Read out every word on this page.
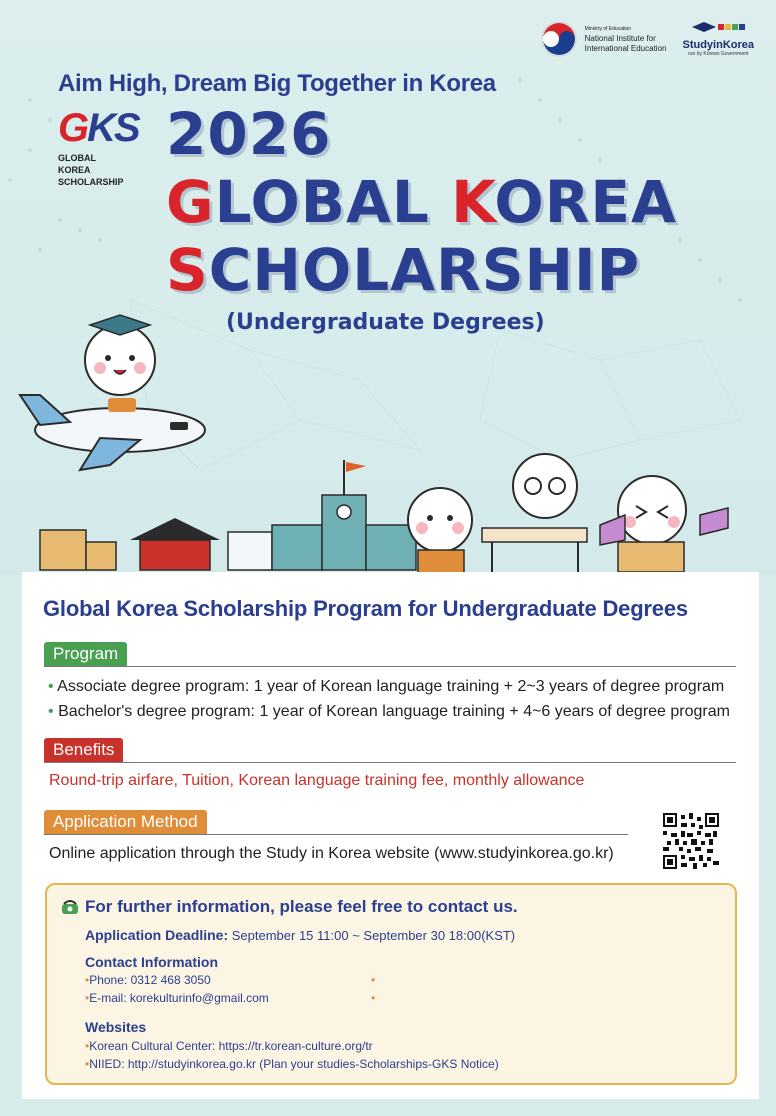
Ministry of Education
National Institute for
International Education StudyinKorea
run by Korean Government
Aim High, Dream Big Together in Korea
GKS
GLOBAL
KOREA
SCHOLARSHIP
2026
GLOBAL KOREA
SCHOLARSHIP
(Undergraduate Degrees)
Global Korea Scholarship Program for Undergraduate Degrees
Program
• Associate degree program: 1 year of Korean language training + 2~3 years of degree program
• Bachelor's degree program: 1 year of Korean language training + 4~6 years of degree program
Benefits
Round-trip airfare, Tuition, Korean language training fee, monthly allowance
Application Method
Online application through the Study in Korea website (www.studyinkorea.go.kr)
For further information, please feel free to contact us.
Application Deadline: September 15 11:00 ~ September 30 18:00(KST)
Contact Information
•Phone: 0312 468 3050	•
•E-mail: korekulturinfo@gmail.com	•
Websites
•Korean Cultural Center: https://tr.korean-culture.org/tr
•NIIED: http://studyinkorea.go.kr (Plan your studies-Scholarships-GKS Notice)
